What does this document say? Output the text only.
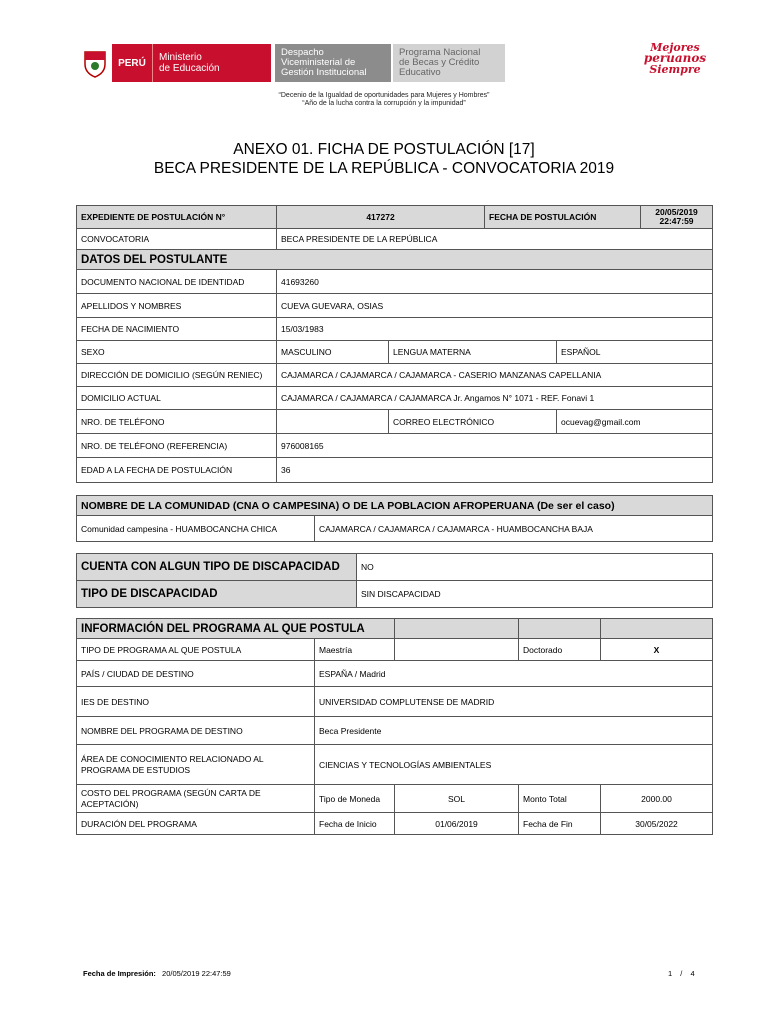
PERÚ	Ministerio
de Educación
Despacho
Viceministerial de
Gestión Institucional
Programa Nacional
de Becas y Crédito
Educativo
Mejores
peruanos
Siempre
“Decenio de la Igualdad de oportunidades para Mujeres y Hombres”
“Año de la lucha contra la corrupción y la impunidad”
ANEXO 01. FICHA DE POSTULACIÓN [17]
BECA PRESIDENTE DE LA REPÚBLICA - CONVOCATORIA 2019
EXPEDIENTE DE POSTULACIÓN N°	417272		FECHA DE POSTULACIÓN		20/05/2019
22:47:59

CONVOCATORIA	BECA PRESIDENTE DE LA REPÚBLICA				
DATOS DEL POSTULANTE					
DOCUMENTO NACIONAL DE IDENTIDAD	41693260				
APELLIDOS Y NOMBRES	CUEVA GUEVARA, OSIAS				
FECHA DE NACIMIENTO	15/03/1983				
SEXO	MASCULINO	LENGUA MATERNA		ESPAÑOL	
DIRECCIÓN DE DOMICILIO (SEGÚN RENIEC)	CAJAMARCA / CAJAMARCA / CAJAMARCA - CASERIO MANZANAS CAPELLANIA				
DOMICILIO ACTUAL	CAJAMARCA / CAJAMARCA / CAJAMARCA Jr. Angamos N° 1071 - REF. Fonavi 1				
NRO. DE TELÉFONO		CORREO ELECTRÓNICO		ocuevag@gmail.com	
NRO. DE TELÉFONO (REFERENCIA)	976008165				
EDAD A LA FECHA DE POSTULACIÓN	36				
NOMBRE DE LA COMUNIDAD (CNA O CAMPESINA) O DE LA POBLACION AFROPERUANA (De ser el caso)
Comunidad campesina - HUAMBOCANCHA CHICA	CAJAMARCA / CAJAMARCA / CAJAMARCA - HUAMBOCANCHA BAJA
CUENTA CON ALGUN TIPO DE DISCAPACIDAD	NO
TIPO DE DISCAPACIDAD	SIN DISCAPACIDAD
INFORMACIÓN DEL PROGRAMA AL QUE POSTULA				
TIPO DE PROGRAMA AL QUE POSTULA	Maestría		Doctorado	X
PAÍS / CIUDAD DE DESTINO	ESPAÑA / Madrid			
IES DE DESTINO	UNIVERSIDAD COMPLUTENSE DE MADRID			
NOMBRE DEL PROGRAMA DE DESTINO	Beca Presidente			
ÁREA DE CONOCIMIENTO RELACIONADO AL PROGRAMA DE ESTUDIOS	CIENCIAS Y TECNOLOGÍAS AMBIENTALES			
COSTO DEL PROGRAMA (SEGÚN CARTA DE ACEPTACIÓN)	Tipo de Moneda	SOL	Monto Total	2000.00
DURACIÓN DEL PROGRAMA	Fecha de Inicio	01/06/2019	Fecha de Fin	30/05/2022
Fecha de Impresión: 20/05/2019 22:47:59	1 / 4
